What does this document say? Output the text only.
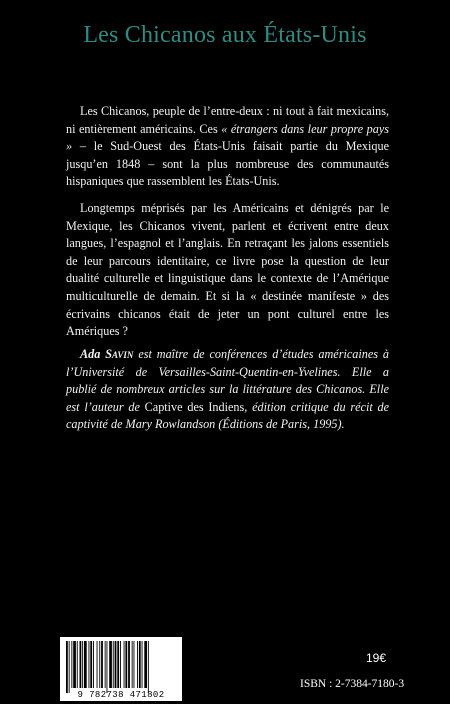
Les Chicanos aux États-Unis

Les Chicanos, peuple de l’entre-deux : ni tout à fait mexicains, ni entièrement américains. Ces « étrangers dans leur propre pays » – le Sud-Ouest des États-Unis faisait partie du Mexique jusqu’en 1848 – sont la plus nombreuse des communautés hispaniques que rassemblent les États-Unis.

Longtemps méprisés par les Américains et dénigrés par le Mexique, les Chicanos vivent, parlent et écrivent entre deux langues, l’espagnol et l’anglais. En retraçant les jalons essentiels de leur parcours identitaire, ce livre pose la question de leur dualité culturelle et linguistique dans le contexte de l’Amérique multiculturelle de demain. Et si la « destinée manifeste » des écrivains chicanos était de jeter un pont culturel entre les Amériques ?

Ada Savin est maître de conférences d’études américaines à l’Université de Versailles-Saint-Quentin-en-Yvelines. Elle a publié de nombreux articles sur la littérature des Chicanos. Elle est l’auteur de Captive des Indiens, édition critique du récit de captivité de Mary Rowlandson (Éditions de Paris, 1995).
9 782738 471802
19€
ISBN : 2-7384-7180-3
